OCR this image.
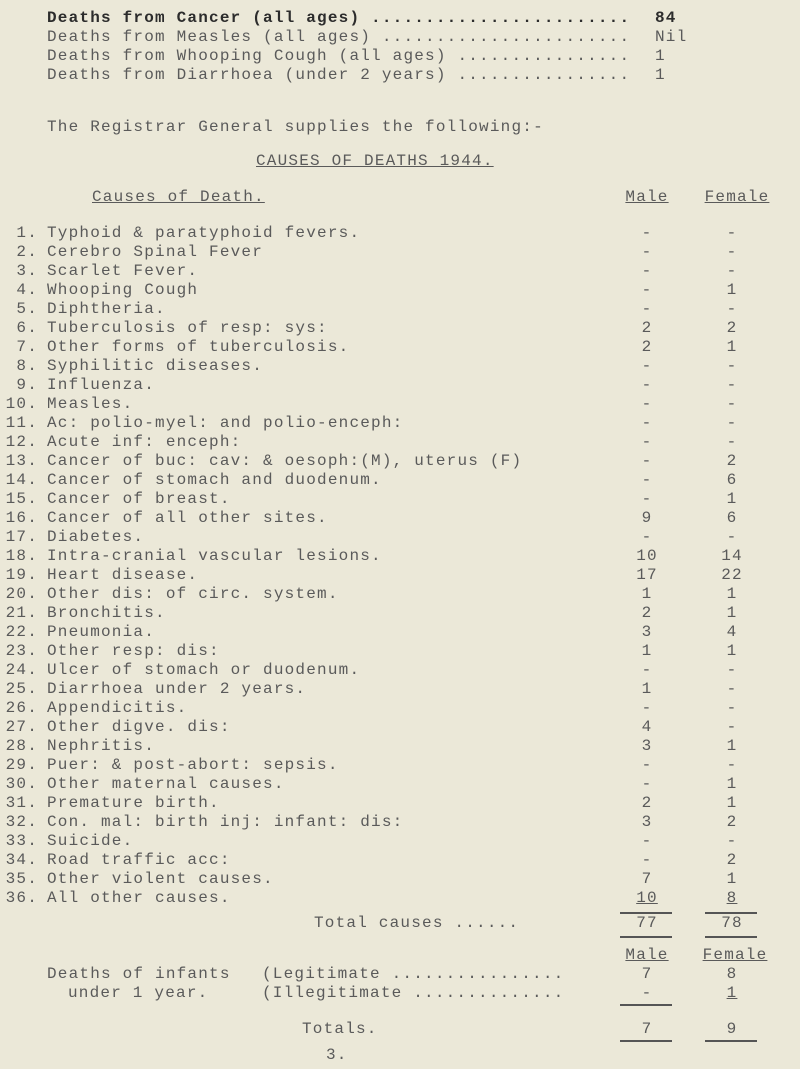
Deaths from Cancer (all ages) ........................ 84
Deaths from Measles (all ages) ....................... Nil
Deaths from Whooping Cough (all ages) ................ 1
Deaths from Diarrhoea (under 2 years) ................ 1
The Registrar General supplies the following:-
CAUSES OF DEATHS 1944.
Causes of Death.	Male	Female
1. Typhoid & paratyphoid fevers.	-	-
2. Cerebro Spinal Fever	-	-
3. Scarlet Fever.	-	-
4. Whooping Cough	-	1
5. Diphtheria.	-	-
6. Tuberculosis of resp: sys:	2	2
7. Other forms of tuberculosis.	2	1
8. Syphilitic diseases.	-	-
9. Influenza.	-	-
10. Measles.	-	-
11. Ac: polio-myel: and polio-enceph:	-	-
12. Acute inf: enceph:	-	-
13. Cancer of buc: cav: & oesoph:(M), uterus (F)	-	2
14. Cancer of stomach and duodenum.	-	6
15. Cancer of breast.	-	1
16. Cancer of all other sites.	9	6
17. Diabetes.	-	-
18. Intra-cranial vascular lesions.	10	14
19. Heart disease.	17	22
20. Other dis: of circ. system.	1	1
21. Bronchitis.	2	1
22. Pneumonia.	3	4
23. Other resp: dis:	1	1
24. Ulcer of stomach or duodenum.	-	-
25. Diarrhoea under 2 years.	1	-
26. Appendicitis.	-	-
27. Other digve. dis:	4	-
28. Nephritis.	3	1
29. Puer: & post-abort: sepsis.	-	-
30. Other maternal causes.	-	1
31. Premature birth.	2	1
32. Con. mal: birth inj: infant: dis:	3	2
33. Suicide.	-	-
34. Road traffic acc:	-	2
35. Other violent causes.	7	1
36. All other causes.	10	8
Total causes ......	77	78
Male	Female
Deaths of infants
under 1 year.
(Legitimate ................	7	8
(Illegitimate ..............	-	1
Totals.	7	9
3.
